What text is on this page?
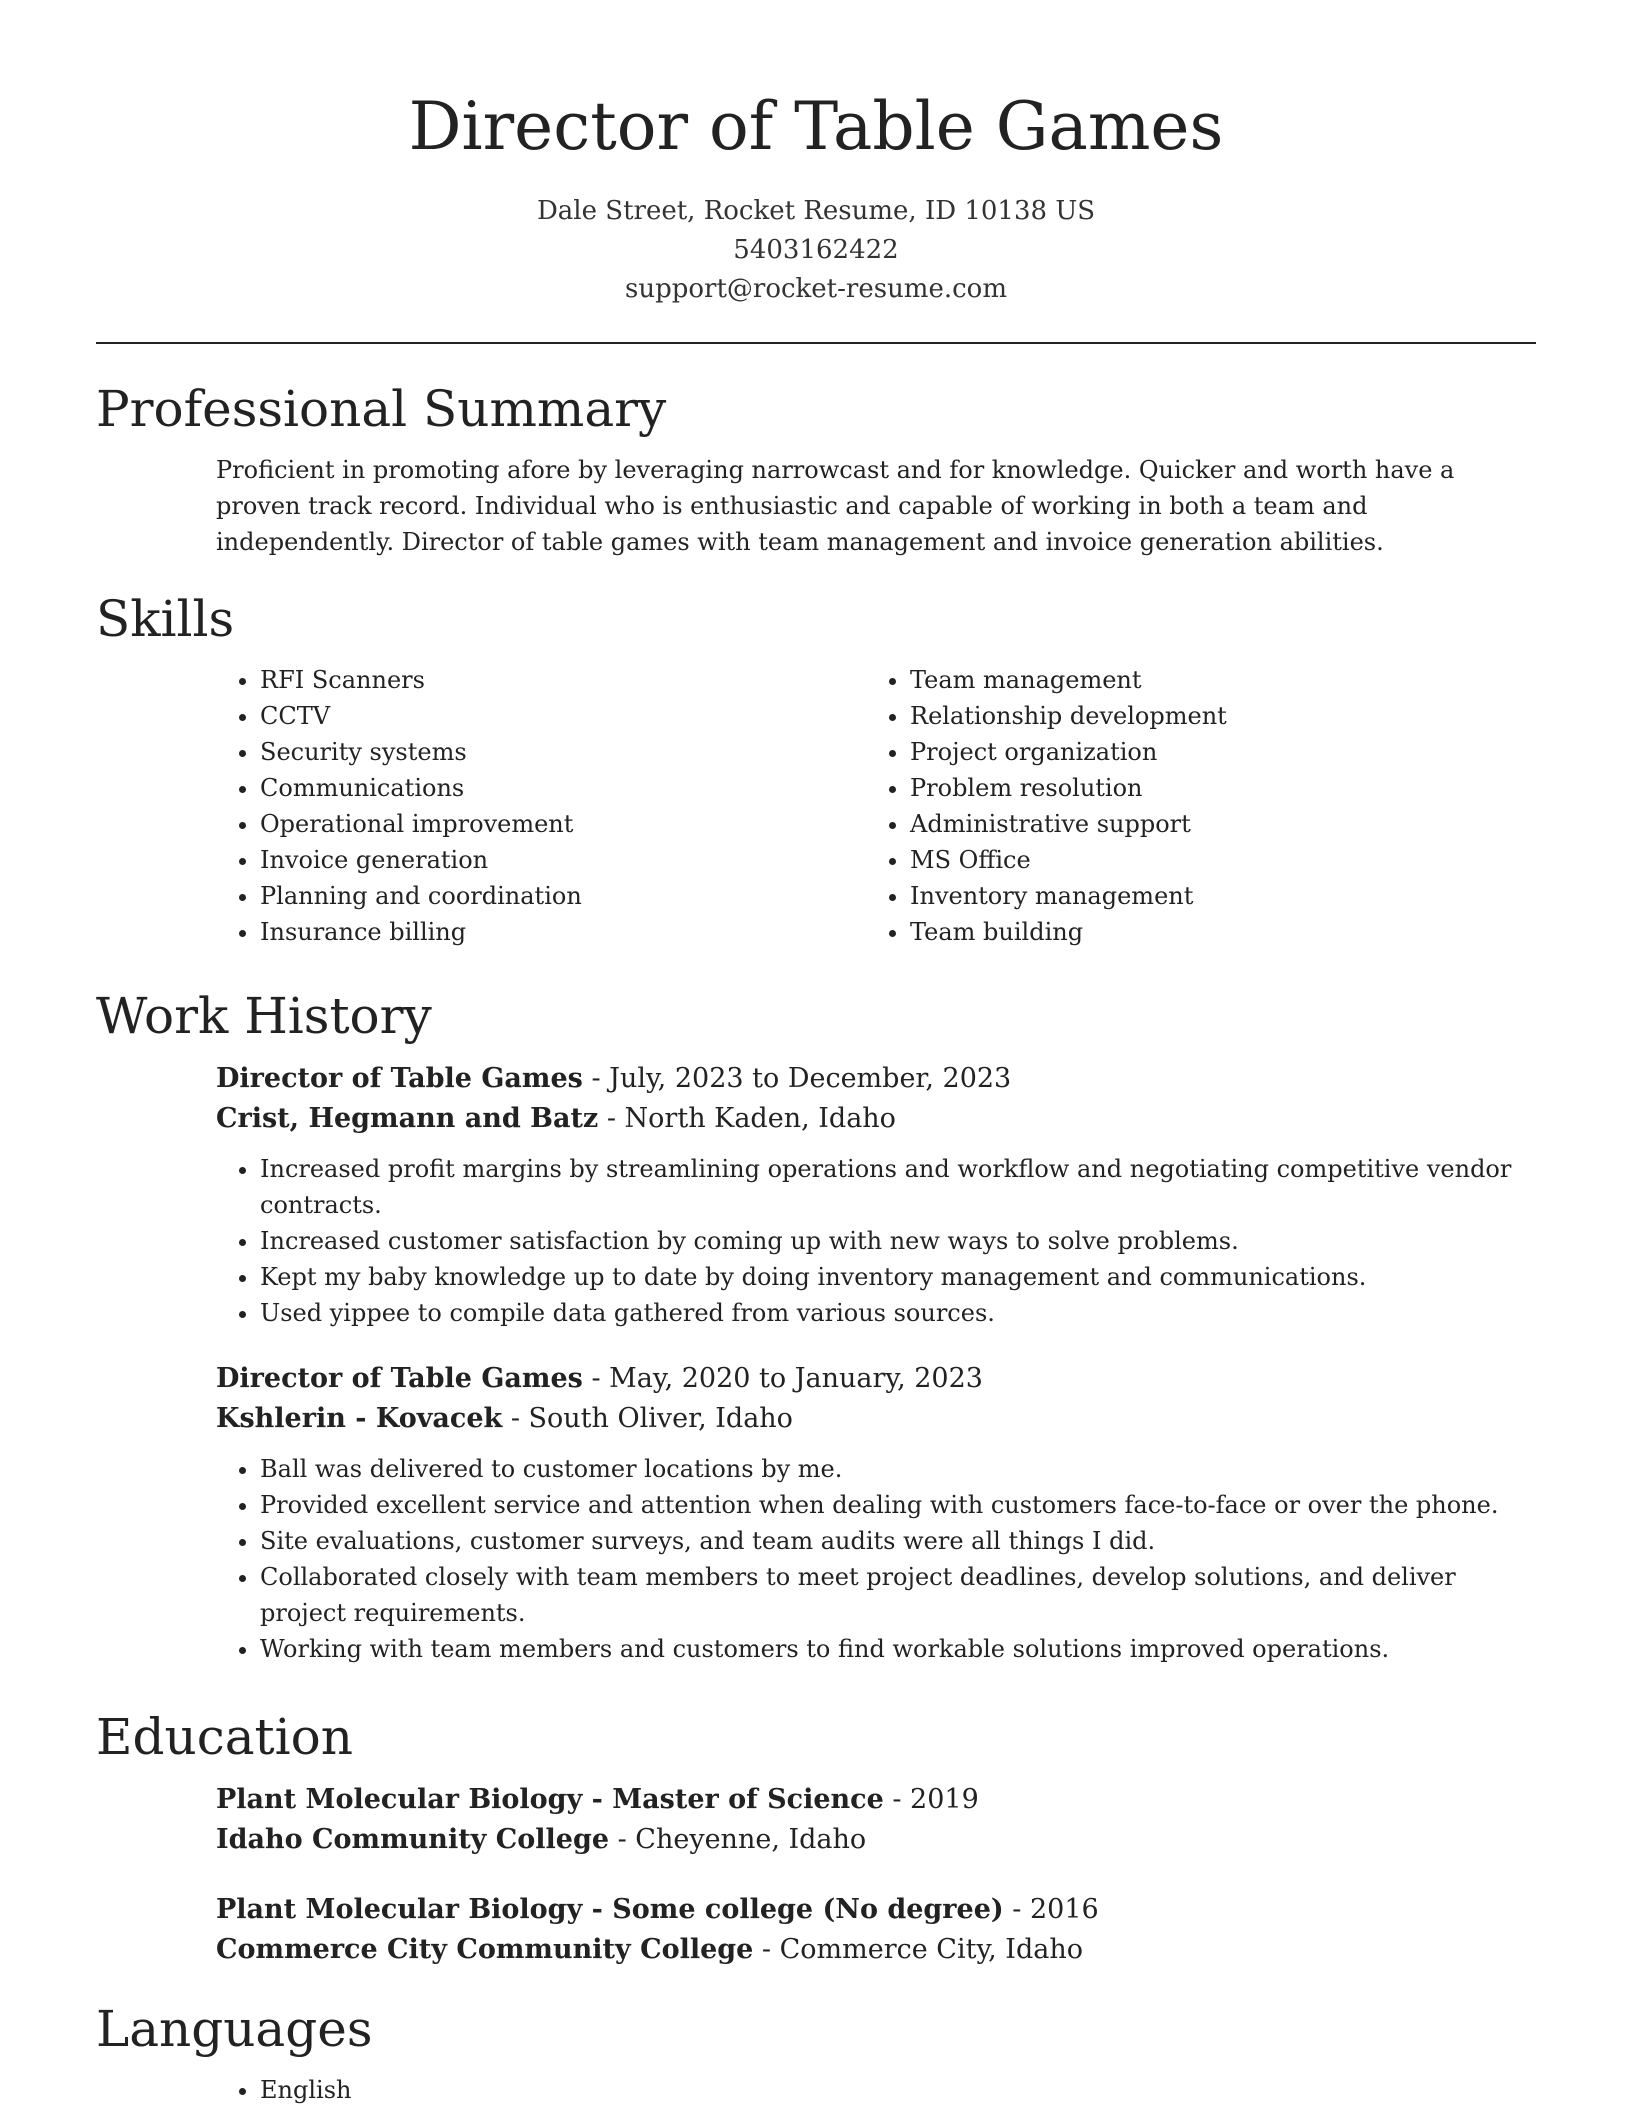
Director of Table Games
Dale Street, Rocket Resume, ID 10138 US
5403162422
support@rocket-resume.com
Professional Summary

Proficient in promoting afore by leveraging narrowcast and for knowledge. Quicker and worth have a proven track record. Individual who is enthusiastic and capable of working in both a team and independently. Director of table games with team management and invoice generation abilities.

Skills
• RFI Scanners
• CCTV
• Security systems
• Communications
• Operational improvement
• Invoice generation
• Planning and coordination
• Insurance billing
• Team management
• Relationship development
• Project organization
• Problem resolution
• Administrative support
• MS Office
• Inventory management
• Team building
Work History

Director of Table Games - July, 2023 to December, 2023

Crist, Hegmann and Batz - North Kaden, Idaho

• Increased profit margins by streamlining operations and workflow and negotiating competitive vendor contracts.
• Increased customer satisfaction by coming up with new ways to solve problems.
• Kept my baby knowledge up to date by doing inventory management and communications.
• Used yippee to compile data gathered from various sources.

Director of Table Games - May, 2020 to January, 2023

Kshlerin - Kovacek - South Oliver, Idaho

• Ball was delivered to customer locations by me.
• Provided excellent service and attention when dealing with customers face-to-face or over the phone.
• Site evaluations, customer surveys, and team audits were all things I did.
• Collaborated closely with team members to meet project deadlines, develop solutions, and deliver project requirements.
• Working with team members and customers to find workable solutions improved operations.
Education

Plant Molecular Biology - Master of Science - 2019

Idaho Community College - Cheyenne, Idaho

Plant Molecular Biology - Some college (No degree) - 2016

Commerce City Community College - Commerce City, Idaho

Languages
• English
